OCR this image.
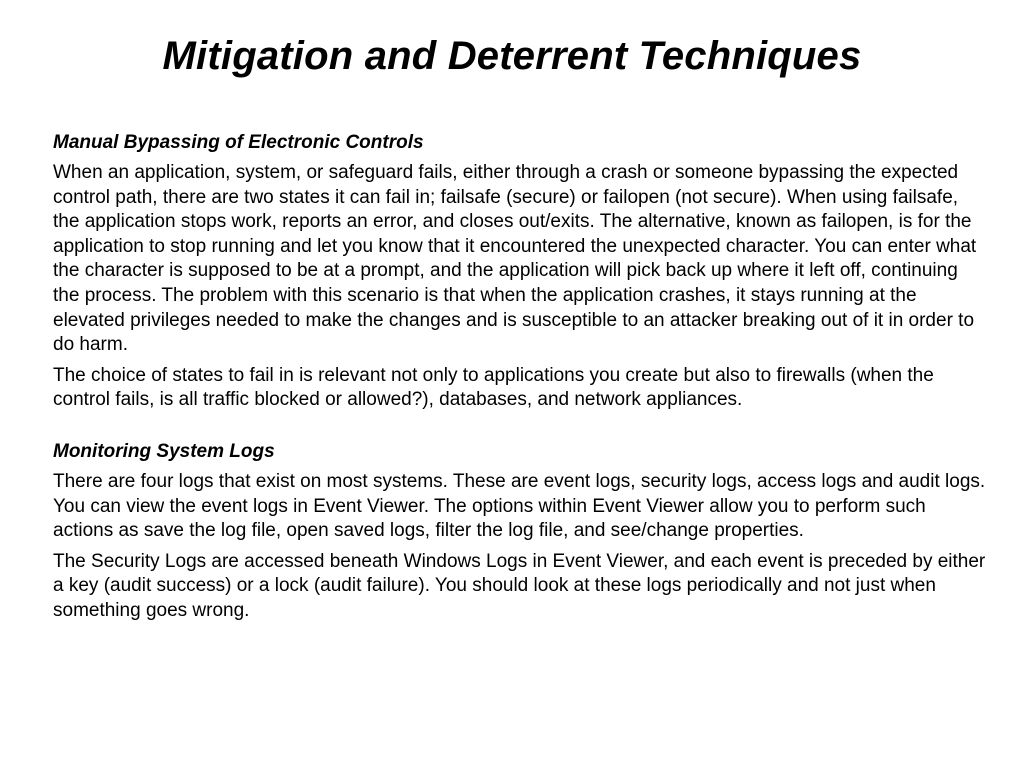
Mitigation and Deterrent Techniques

Manual Bypassing of Electronic Controls

When an application, system, or safeguard fails, either through a crash or someone bypassing the expected control path, there are two states it can fail in; failsafe (secure) or failopen (not secure). When using failsafe, the application stops work, reports an error, and closes out/exits. The alternative, known as failopen, is for the application to stop running and let you know that it encountered the unexpected character. You can enter what the character is supposed to be at a prompt, and the application will pick back up where it left off, continuing the process. The problem with this scenario is that when the application crashes, it stays running at the elevated privileges needed to make the changes and is susceptible to an attacker breaking out of it in order to do harm.

The choice of states to fail in is relevant not only to applications you create but also to firewalls (when the control fails, is all traffic blocked or allowed?), databases, and network appliances.

Monitoring System Logs

There are four logs that exist on most systems. These are event logs, security logs, access logs and audit logs. You can view the event logs in Event Viewer. The options within Event Viewer allow you to perform such actions as save the log file, open saved logs, filter the log file, and see/change properties.

The Security Logs are accessed beneath Windows Logs in Event Viewer, and each event is preceded by either a key (audit success) or a lock (audit failure). You should look at these logs periodically and not just when something goes wrong.
